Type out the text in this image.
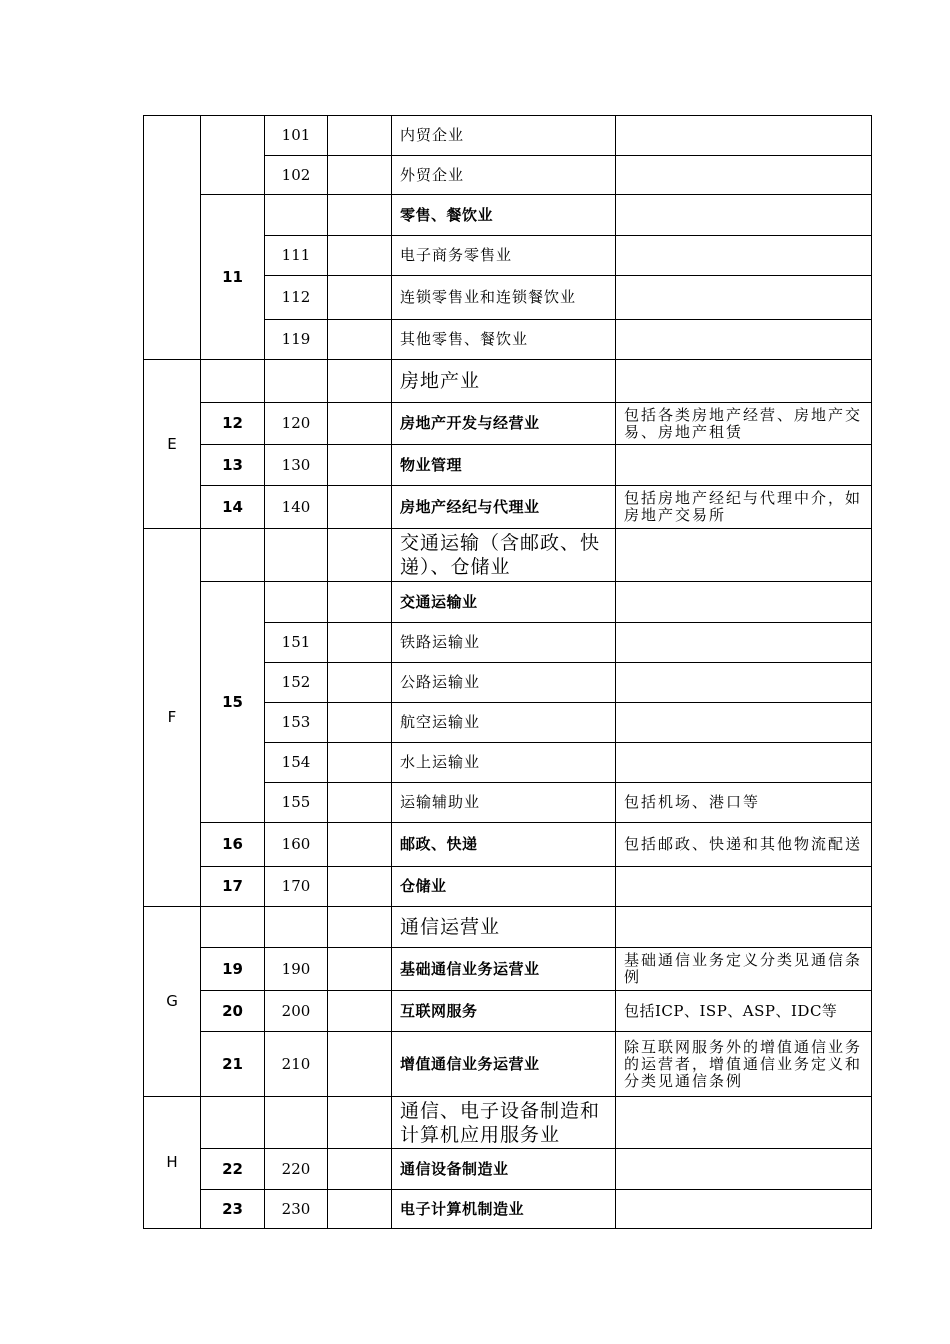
		101		内贸企业	
		102		外贸企业	
	11			零售、餐饮业	
		111		电子商务零售业	
		112		连锁零售业和连锁餐饮业	
		119		其他零售、餐饮业	
E				房地产业	
	12	120		房地产开发与经营业	包括各类房地产经营、房地产交易、房地产租赁
	13	130		物业管理	
	14	140		房地产经纪与代理业	包括房地产经纪与代理中介，如房地产交易所
F				交通运输（含邮政、快递）、仓储业	
	15			交通运输业	
		151		铁路运输业	
		152		公路运输业	
		153		航空运输业	
		154		水上运输业	
		155		运输辅助业	包括机场、港口等
	16	160		邮政、快递	包括邮政、快递和其他物流配送
	17	170		仓储业	
G				通信运营业	
	19	190		基础通信业务运营业	基础通信业务定义分类见通信条例
	20	200		互联网服务	包括ICP、ISP、ASP、IDC等
	21	210		增值通信业务运营业	除互联网服务外的增值通信业务的运营者，增值通信业务定义和分类见通信条例
H				通信、电子设备制造和计算机应用服务业	
	22	220		通信设备制造业	
	23	230		电子计算机制造业	
